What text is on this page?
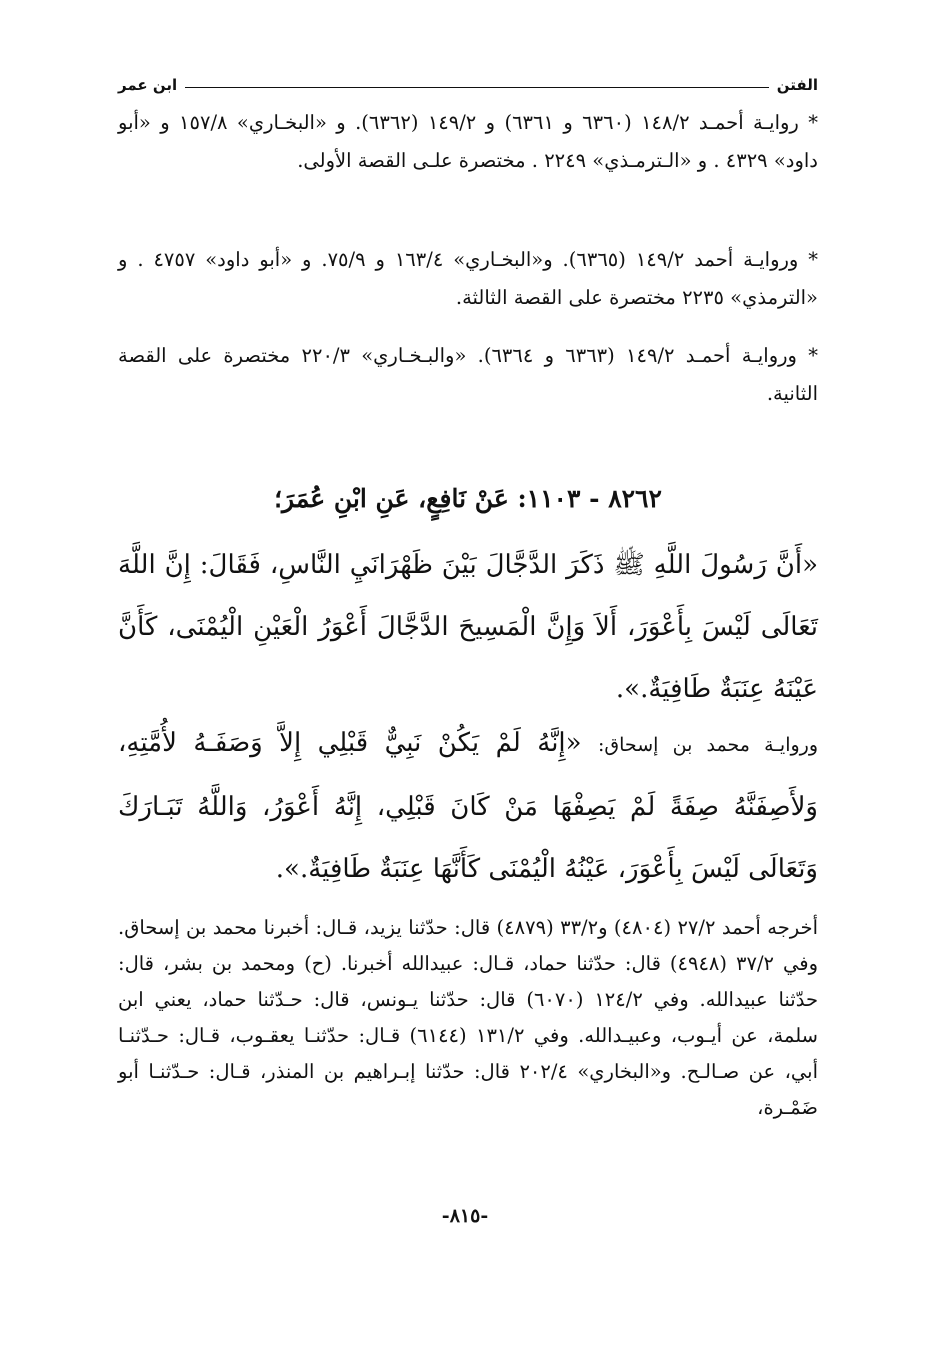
الفتن
ابن عمر

* روايـة أحمـد ١٤٨/٢ (٦٣٦٠ و ٦٣٦١) و ١٤٩/٢ (٦٣٦٢). و «البخـاري» ١٥٧/٨ و «أبو داود» ٤٣٢٩ . و «الـترمـذي» ٢٢٤٩ . مختصرة علـى القصة الأولى.

* وروايـة أحمد ١٤٩/٢ (٦٣٦٥). و«البخـاري» ١٦٣/٤ و ٧٥/٩. و «أبو داود» ٤٧٥٧ . و «الترمذي» ٢٢٣٥ مختصرة على القصة الثالثة.

* وروايـة أحمـد ١٤٩/٢ (٦٣٦٣ و ٦٣٦٤). «والبـخـاري» ٢٢٠/٣ مختصرة على القصة الثانية.

٨٢٦٢ - ١١٠٣: عَنْ نَافِعٍ، عَنِ ابْنِ عُمَرَ؛

«أَنَّ رَسُولَ اللَّهِ ﷺ ذَكَرَ الدَّجَّالَ بَيْنَ ظَهْرَانَيِ النَّاسِ، فَقَالَ: إِنَّ اللَّهَ تَعَالَى لَيْسَ بِأَعْوَرَ، أَلاَ وَإِنَّ الْمَسِيحَ الدَّجَّالَ أَعْوَرُ الْعَيْنِ الْيُمْنَى، كَأَنَّ عَيْنَهُ عِنَبَةٌ طَافِيَةٌ.».

وروايـة محمد بن إسحاق: «إِنَّهُ لَمْ يَكُنْ نَبِيٌّ قَبْلِي إِلاَّ وَصَفَـهُ لأُمَّتِهِ، وَلأَصِفَنَّهُ صِفَةً لَمْ يَصِفْهَا مَنْ كَانَ قَبْلِي، إِنَّهُ أَعْوَرُ، وَاللَّهُ تَبَـارَكَ وَتَعَالَى لَيْسَ بِأَعْوَرَ، عَيْنُهُ الْيُمْنَى كَأَنَّهَا عِنَبَةٌ طَافِيَةٌ.».

أخرجه أحمد ٢٧/٢ (٤٨٠٤) و٣٣/٢ (٤٨٧٩) قال: حدّثنا يزيد، قـال: أخبرنا محمد بن إسحاق. وفي ٣٧/٢ (٤٩٤٨) قال: حدّثنا حماد، قـال: عبيدالله أخبرنا. (ح) ومحمد بن بشر، قال: حدّثنا عبيدالله. وفي ١٢٤/٢ (٦٠٧٠) قال: حدّثنا يـونس، قال: حـدّثنا حماد، يعني ابن سلمة، عن أيـوب، وعبيـدالله. وفي ١٣١/٢ (٦١٤٤) قـال: حدّثنـا يعقـوب، قـال: حـدّثنـا أبي، عن صـالـح. و«البخاري» ٢٠٢/٤ قال: حدّثنا إبـراهيم بن المنذر، قـال: حـدّثنـا أبو ضَمْـرة،

-٨١٥-
